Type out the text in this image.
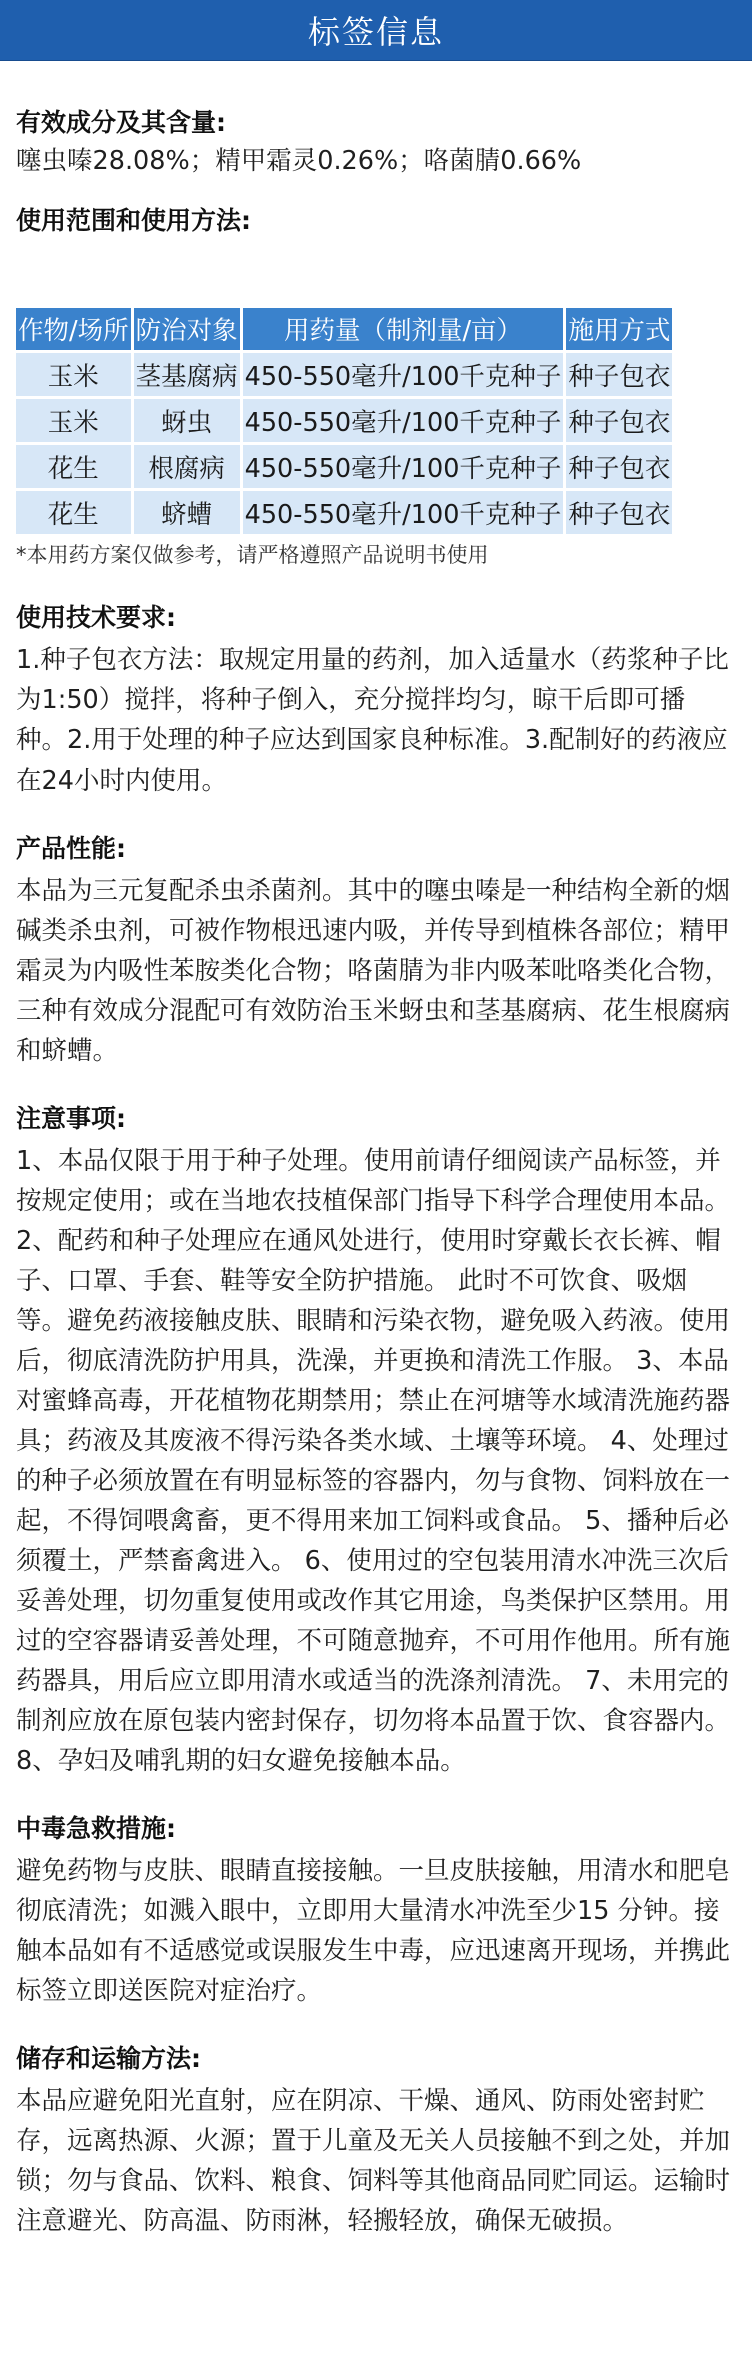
标签信息

有效成分及其含量:

噻虫嗪28.08%；精甲霜灵0.26%；咯菌腈0.66%

使用范围和使用方法:

作物/场所	防治对象	用药量（制剂量/亩）	施用方式
玉米	茎基腐病	450-550毫升/100千克种子	种子包衣
玉米	蚜虫	450-550毫升/100千克种子	种子包衣
花生	根腐病	450-550毫升/100千克种子	种子包衣
花生	蛴螬	450-550毫升/100千克种子	种子包衣

*本用药方案仅做参考，请严格遵照产品说明书使用

使用技术要求:

1.种子包衣方法：取规定用量的药剂，加入适量水（药浆种子比为1:50）搅拌，将种子倒入，充分搅拌均匀，晾干后即可播种。2.用于处理的种子应达到国家良种标准。3.配制好的药液应在24小时内使用。

产品性能:

本品为三元复配杀虫杀菌剂。其中的噻虫嗪是一种结构全新的烟碱类杀虫剂，可被作物根迅速内吸，并传导到植株各部位；精甲霜灵为内吸性苯胺类化合物；咯菌腈为非内吸苯吡咯类化合物，三种有效成分混配可有效防治玉米蚜虫和茎基腐病、花生根腐病和蛴螬。

注意事项:

1、本品仅限于用于种子处理。使用前请仔细阅读产品标签，并按规定使用；或在当地农技植保部门指导下科学合理使用本品。 2、配药和种子处理应在通风处进行，使用时穿戴长衣长裤、帽子、口罩、手套、鞋等安全防护措施。 此时不可饮食、吸烟等。避免药液接触皮肤、眼睛和污染衣物，避免吸入药液。使用后，彻底清洗防护用具，洗澡，并更换和清洗工作服。 3、本品对蜜蜂高毒，开花植物花期禁用；禁止在河塘等水域清洗施药器具；药液及其废液不得污染各类水域、土壤等环境。 4、处理过的种子必须放置在有明显标签的容器内，勿与食物、饲料放在一起，不得饲喂禽畜，更不得用来加工饲料或食品。 5、播种后必须覆土，严禁畜禽进入。 6、使用过的空包装用清水冲洗三次后妥善处理，切勿重复使用或改作其它用途，鸟类保护区禁用。用过的空容器请妥善处理，不可随意抛弃，不可用作他用。所有施药器具，用后应立即用清水或适当的洗涤剂清洗。 7、未用完的制剂应放在原包装内密封保存，切勿将本品置于饮、食容器内。 8、孕妇及哺乳期的妇女避免接触本品。

中毒急救措施:

避免药物与皮肤、眼睛直接接触。一旦皮肤接触，用清水和肥皂彻底清洗；如溅入眼中，立即用大量清水冲洗至少15 分钟。接触本品如有不适感觉或误服发生中毒，应迅速离开现场，并携此标签立即送医院对症治疗。

储存和运输方法:

本品应避免阳光直射，应在阴凉、干燥、通风、防雨处密封贮存，远离热源、火源；置于儿童及无关人员接触不到之处，并加锁；勿与食品、饮料、粮食、饲料等其他商品同贮同运。运输时注意避光、防高温、防雨淋，轻搬轻放，确保无破损。
